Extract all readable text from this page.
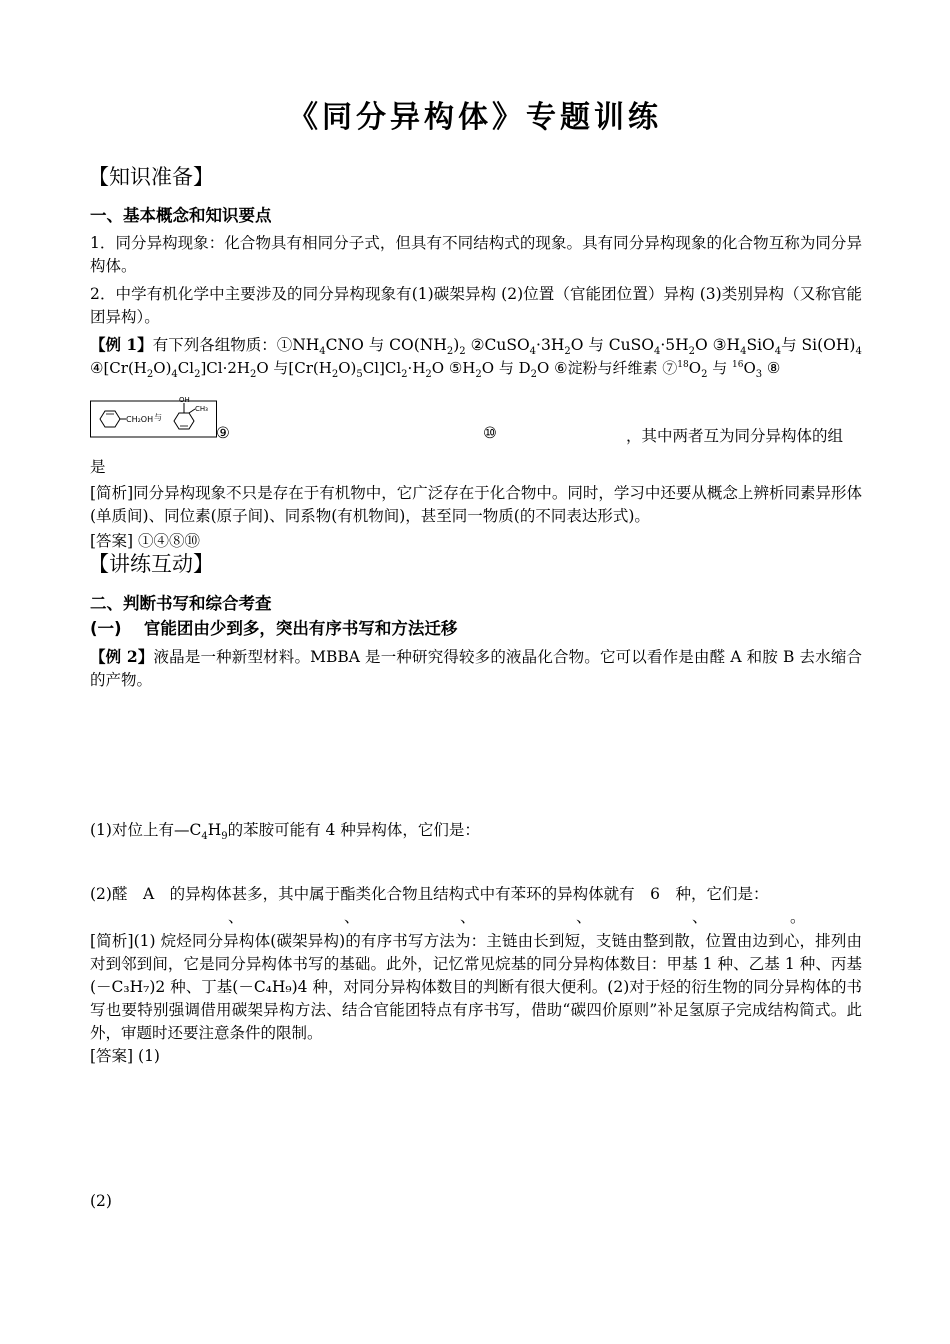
《同分异构体》专题训练
【知识准备】
一、基本概念和知识要点
1．同分异构现象：化合物具有相同分子式，但具有不同结构式的现象。具有同分异构现象的化合物互称为同分异构体。
2．中学有机化学中主要涉及的同分异构现象有(1)碳架异构 (2)位置（官能团位置）异构 (3)类别异构（又称官能团异构）。
【例 1】有下列各组物质：$①NH_4CNO$ 与 $CO(NH_2)_2$ $②CuSO_4\cdot 3H_2O$ 与 $CuSO_4\cdot 5H_2O$ $③H_4SiO_4$与 $Si(OH)_4$
$④[Cr(H_2O)_4Cl_2]Cl\cdot 2H_2O$ 与$[Cr(H_2O)_5Cl]Cl_2\cdot H_2O$ $⑤H_2O$ 与 $D_2O$ ⑥淀粉与纤维素 $⑦^{18}O_2$ 与 $^{16}O_3$ ⑧
CH₂OH 与
OH
CH₃
⑨	⑩	，其中两者互为同分异构体的组
是
[简析]同分异构现象不只是存在于有机物中，它广泛存在于化合物中。同时，学习中还要从概念上辨析同素异形体(单质间)、同位素(原子间)、同系物(有机物间)，甚至同一物质(的不同表达形式)。
[答案] ①④⑧⑩
【讲练互动】
二、判断书写和综合考查
(一)　 官能团由少到多，突出有序书写和方法迁移
【例 2】液晶是一种新型材料。MBBA 是一种研究得较多的液晶化合物。它可以看作是由醛 A 和胺 B 去水缩合的产物。
(1)对位上有$—C_4H_9$的苯胺可能有 4 种异构体，它们是：
(2)醛　A　的异构体甚多，其中属于酯类化合物且结构式中有苯环的异构体就有　6　种，它们是：
、	、	、	、	、	。
[简析](1) 烷烃同分异构体(碳架异构)的有序书写方法为：主链由长到短，支链由整到散，位置由边到心，排列由对到邻到间，它是同分异构体书写的基础。此外，记忆常见烷基的同分异构体数目：甲基 1 种、乙基 1 种、丙基(－C₃H₇)2 种、丁基(－C₄H₉)4 种，对同分异构体数目的判断有很大便利。(2)对于烃的衍生物的同分异构体的书写也要特别强调借用碳架异构方法、结合官能团特点有序书写，借助“碳四价原则”补足氢原子完成结构简式。此外，审题时还要注意条件的限制。
[答案] (1)
(2)
